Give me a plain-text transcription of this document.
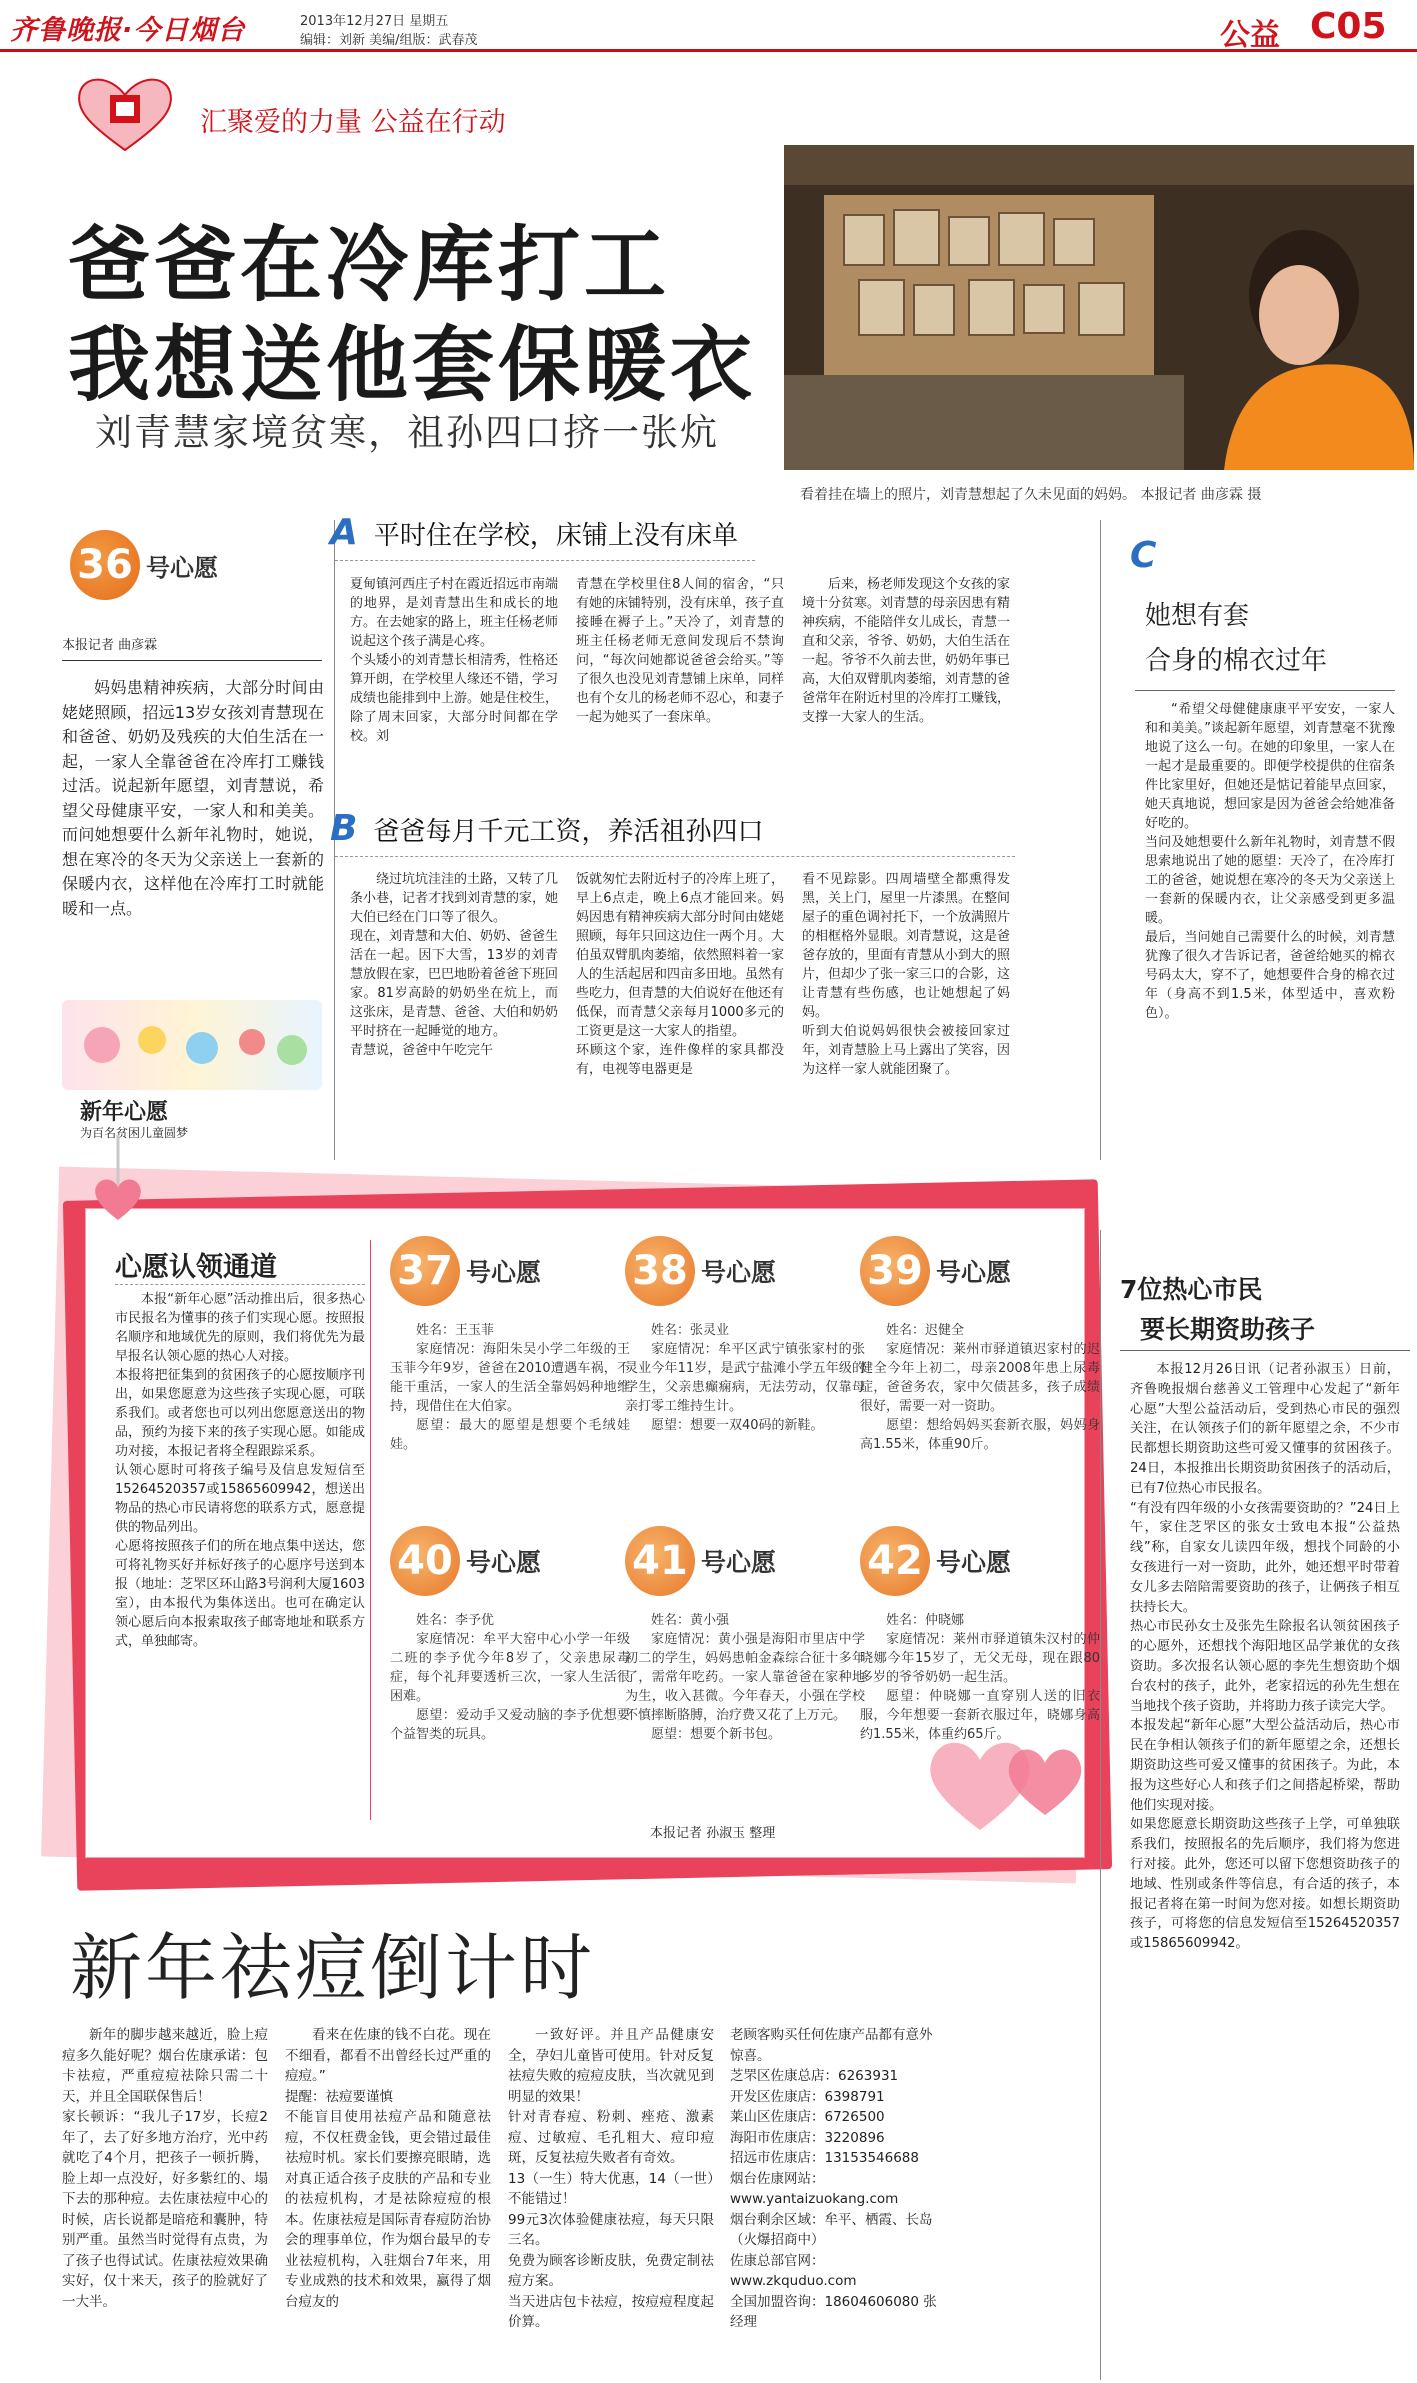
齐鲁晚报·今日烟台	2013年12月27日 星期五
编辑：刘新 美编/组版：武春茂	公益 C05
汇聚爱的力量 公益在行动
爸爸在冷库打工
我想送他套保暖衣
刘青慧家境贫寒，祖孙四口挤一张炕
看着挂在墙上的照片，刘青慧想起了久未见面的妈妈。 本报记者 曲彦霖 摄
36 号心愿
本报记者 曲彦霖
妈妈患精神疾病，大部分时间由姥姥照顾，招远13岁女孩刘青慧现在和爸爸、奶奶及残疾的大伯生活在一起，一家人全靠爸爸在冷库打工赚钱过活。说起新年愿望，刘青慧说，希望父母健康平安，一家人和和美美。而问她想要什么新年礼物时，她说，想在寒冷的冬天为父亲送上一套新的保暖内衣，这样他在冷库打工时就能暖和一点。
新年心愿
为百名贫困儿童圆梦
A 平时住在学校，床铺上没有床单
夏甸镇河西庄子村在霞近招远市南端的地界，是刘青慧出生和成长的地方。在去她家的路上，班主任杨老师说起这个孩子满是心疼。
个头矮小的刘青慧长相清秀，性格还算开朗，在学校里人缘还不错，学习成绩也能排到中上游。她是住校生，除了周末回家，大部分时间都在学校。刘
青慧在学校里住8人间的宿舍，“只有她的床铺特别，没有床单，孩子直接睡在褥子上。”天冷了，刘青慧的班主任杨老师无意间发现后不禁询问，“每次问她都说爸爸会给买。”等了很久也没见刘青慧铺上床单，同样也有个女儿的杨老师不忍心，和妻子一起为她买了一套床单。
后来，杨老师发现这个女孩的家境十分贫寒。刘青慧的母亲因患有精神疾病，不能陪伴女儿成长，青慧一直和父亲，爷爷、奶奶，大伯生活在一起。爷爷不久前去世，奶奶年事已高，大伯双臂肌肉萎缩，刘青慧的爸爸常年在附近村里的冷库打工赚钱，支撑一大家人的生活。
B 爸爸每月千元工资，养活祖孙四口
绕过坑坑洼洼的土路，又转了几条小巷，记者才找到刘青慧的家，她大伯已经在门口等了很久。
现在，刘青慧和大伯、奶奶、爸爸生活在一起。因下大雪，13岁的刘青慧放假在家，巴巴地盼着爸爸下班回家。81岁高龄的奶奶坐在炕上，而这张床，是青慧、爸爸、大伯和奶奶平时挤在一起睡觉的地方。
青慧说，爸爸中午吃完午
饭就匆忙去附近村子的冷库上班了，早上6点走，晚上6点才能回来。妈妈因患有精神疾病大部分时间由姥姥照顾，每年只回这边住一两个月。大伯虽双臂肌肉萎缩，依然照料着一家人的生活起居和四亩多田地。虽然有些吃力，但青慧的大伯说好在他还有低保，而青慧父亲每月1000多元的工资更是这一大家人的指望。
环顾这个家，连件像样的家具都没有，电视等电器更是
看不见踪影。四周墙壁全都熏得发黑，关上门，屋里一片漆黑。在整间屋子的重色调衬托下，一个放满照片的相框格外显眼。刘青慧说，这是爸爸存放的，里面有青慧从小到大的照片，但却少了张一家三口的合影，这让青慧有些伤感，也让她想起了妈妈。
听到大伯说妈妈很快会被接回家过年，刘青慧脸上马上露出了笑容，因为这样一家人就能团聚了。
C
她想有套
合身的棉衣过年
“希望父母健健康康平平安安，一家人和和美美。”谈起新年愿望，刘青慧毫不犹豫地说了这么一句。在她的印象里，一家人在一起才是最重要的。即便学校提供的住宿条件比家里好，但她还是惦记着能早点回家，她天真地说，想回家是因为爸爸会给她准备好吃的。
当问及她想要什么新年礼物时，刘青慧不假思索地说出了她的愿望：天冷了，在冷库打工的爸爸，她说想在寒冷的冬天为父亲送上一套新的保暖内衣，让父亲感受到更多温暖。
最后，当问她自己需要什么的时候，刘青慧犹豫了很久才告诉记者，爸爸给她买的棉衣号码太大，穿不了，她想要件合身的棉衣过年（身高不到1.5米，体型适中，喜欢粉色）。
心愿认领通道
本报“新年心愿”活动推出后，很多热心市民报名为懂事的孩子们实现心愿。按照报名顺序和地域优先的原则，我们将优先为最早报名认领心愿的热心人对接。
本报将把征集到的贫困孩子的心愿按顺序刊出，如果您愿意为这些孩子实现心愿，可联系我们。或者您也可以列出您愿意送出的物品，预约为接下来的孩子实现心愿。如能成功对接，本报记者将全程跟踪采系。
认领心愿时可将孩子编号及信息发短信至15264520357或15865609942，想送出物品的热心市民请将您的联系方式，愿意提供的物品列出。
心愿将按照孩子们的所在地点集中送达，您可将礼物买好并标好孩子的心愿序号送到本报（地址：芝罘区环山路3号润利大厦1603室），由本报代为集体送出。也可在确定认领心愿后向本报索取孩子邮寄地址和联系方式，单独邮寄。
37 号心愿

姓名：王玉菲

家庭情况：海阳朱吴小学二年级的王玉菲今年9岁，爸爸在2010遭遇车祸，不能干重活，一家人的生活全靠妈妈种地维持，现借住在大伯家。

愿望：最大的愿望是想要个毛绒娃娃。

38 号心愿

姓名：张灵业

家庭情况：牟平区武宁镇张家村的张灵业今年11岁，是武宁盐滩小学五年级的学生，父亲患癫痫病，无法劳动，仅靠母亲打零工维持生计。

愿望：想要一双40码的新鞋。

39 号心愿

姓名：迟健全

家庭情况：莱州市驿道镇迟家村的迟健全今年上初二，母亲2008年患上尿毒症，爸爸务农，家中欠债甚多，孩子成绩很好，需要一对一资助。

愿望：想给妈妈买套新衣服，妈妈身高1.55米，体重90斤。

40 号心愿

姓名：李予优

家庭情况：牟平大窑中心小学一年级二班的李予优今年8岁了，父亲患尿毒症，每个礼拜要透析三次，一家人生活很困难。

愿望：爱动手又爱动脑的李予优想要个益智类的玩具。

41 号心愿

姓名：黄小强

家庭情况：黄小强是海阳市里店中学初二的学生，妈妈患帕金森综合征十多年了，需常年吃药。一家人靠爸爸在家种地为生，收入甚微。今年春天，小强在学校不慎摔断胳膊，治疗费又花了上万元。

愿望：想要个新书包。

42 号心愿

姓名：仲晓娜

家庭情况：莱州市驿道镇朱汉村的仲晓娜今年15岁了，无父无母，现在跟80多岁的爷爷奶奶一起生活。

愿望：仲晓娜一直穿别人送的旧衣服，今年想要一套新衣服过年，晓娜身高约1.55米，体重约65斤。

本报记者 孙淑玉 整理
7位热心市民
要长期资助孩子
本报12月26日讯（记者孙淑玉）日前，齐鲁晚报烟台慈善义工管理中心发起了“新年心愿”大型公益活动后，受到热心市民的强烈关注，在认领孩子们的新年愿望之余，不少市民都想长期资助这些可爱又懂事的贫困孩子。24日，本报推出长期资助贫困孩子的活动后，已有7位热心市民报名。
“有没有四年级的小女孩需要资助的？”24日上午，家住芝罘区的张女士致电本报“公益热线”称，自家女儿读四年级，想找个同龄的小女孩进行一对一资助，此外，她还想平时带着女儿多去陪陪需要资助的孩子，让俩孩子相互扶持长大。
热心市民孙女士及张先生除报名认领贫困孩子的心愿外，还想找个海阳地区品学兼优的女孩资助。多次报名认领心愿的李先生想资助个烟台农村的孩子，此外，老家招远的孙先生想在当地找个孩子资助，并将助力孩子读完大学。
本报发起“新年心愿”大型公益活动后，热心市民在争相认领孩子们的新年愿望之余，还想长期资助这些可爱又懂事的贫困孩子。为此，本报为这些好心人和孩子们之间搭起桥梁，帮助他们实现对接。
如果您愿意长期资助这些孩子上学，可单独联系我们，按照报名的先后顺序，我们将为您进行对接。此外，您还可以留下您想资助孩子的地域、性别或条件等信息，有合适的孩子，本报记者将在第一时间为您对接。如想长期资助孩子，可将您的信息发短信至15264520357或15865609942。
新年祛痘倒计时
新年的脚步越来越近，脸上痘痘多久能好呢？烟台佐康承诺：包卡祛痘，严重痘痘祛除只需二十天，并且全国联保售后！
家长顿诉：“我儿子17岁，长痘2年了，去了好多地方治疗，光中药就吃了4个月，把孩子一顿折腾，脸上却一点没好，好多紫红的、塌下去的那种痘。去佐康祛痘中心的时候，店长说都是暗疮和囊肿，特别严重。虽然当时觉得有点贵，为了孩子也得试试。佐康祛痘效果确实好，仅十来天，孩子的脸就好了一大半。
看来在佐康的钱不白花。现在不细看，都看不出曾经长过严重的痘痘。”
提醒：祛痘要谨慎
不能盲目使用祛痘产品和随意祛痘，不仅枉费金钱，更会错过最佳祛痘时机。家长们要擦亮眼睛，选对真正适合孩子皮肤的产品和专业的祛痘机构，才是祛除痘痘的根本。佐康祛痘是国际青春痘防治协会的理事单位，作为烟台最早的专业祛痘机构，入驻烟台7年来，用专业成熟的技术和效果，赢得了烟台痘友的
一致好评。并且产品健康安全，孕妇儿童皆可使用。针对反复祛痘失败的痘痘皮肤，当次就见到明显的效果！
针对青春痘、粉刺、痤疮、激素痘、过敏痘、毛孔粗大、痘印痘斑，反复祛痘失败者有奇效。
13（一生）特大优惠，14（一世）不能错过！
99元3次体验健康祛痘，每天只限三名。
免费为顾客诊断皮肤，免费定制祛痘方案。
当天进店包卡祛痘，按痘痘程度起价算。
老顾客购买任何佐康产品都有意外惊喜。
芝罘区佐康总店：6263931
开发区佐康店：6398791
莱山区佐康店：6726500
海阳市佐康店：3220896
招远市佐康店：13153546688
烟台佐康网站：www.yantaizuokang.com
烟台剩余区域：牟平、栖霞、长岛（火爆招商中）
佐康总部官网：www.zkquduo.com
全国加盟咨询：18604606080 张经理
